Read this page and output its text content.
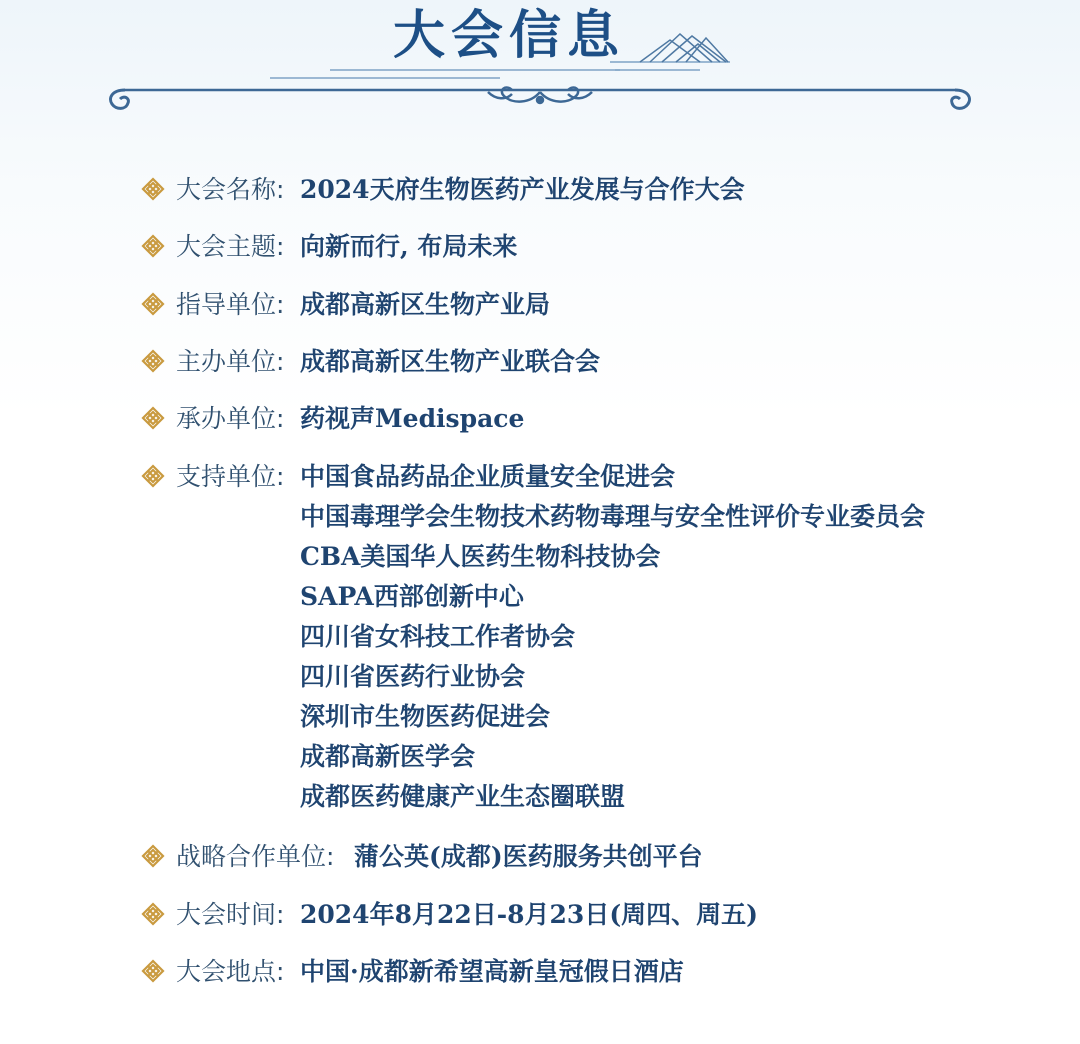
大会信息
大会名称: 2024天府生物医药产业发展与合作大会
大会主题: 向新而行, 布局未来
指导单位: 成都高新区生物产业局
主办单位: 成都高新区生物产业联合会
承办单位: 药视声Medispace
支持单位: 中国食品药品企业质量安全促进会
中国毒理学会生物技术药物毒理与安全性评价专业委员会
CBA美国华人医药生物科技协会
SAPA西部创新中心
四川省女科技工作者协会
四川省医药行业协会
深圳市生物医药促进会
成都高新医学会
成都医药健康产业生态圈联盟
战略合作单位: 蒲公英(成都)医药服务共创平台
大会时间: 2024年8月22日-8月23日(周四、周五)
大会地点: 中国·成都新希望高新皇冠假日酒店
